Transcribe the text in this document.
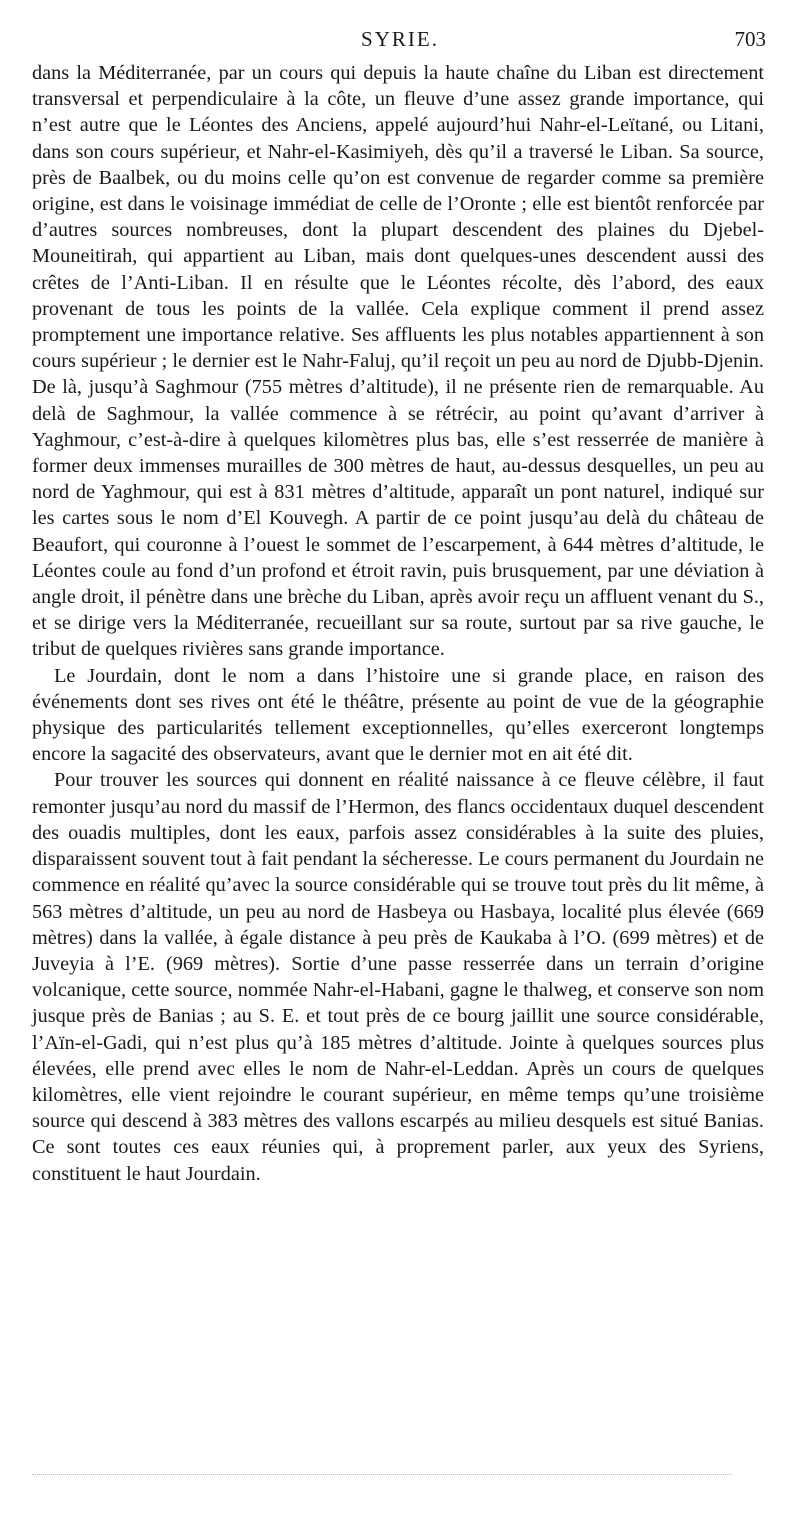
SYRIE.	703

dans la Méditerranée, par un cours qui depuis la haute chaîne du Liban est directement transversal et perpendiculaire à la côte, un fleuve d’une assez grande importance, qui n’est autre que le Léontes des Anciens, appelé aujourd’hui Nahr-el-Leïtané, ou Litani, dans son cours supérieur, et Nahr-el-Kasimiyeh, dès qu’il a traversé le Liban. Sa source, près de Baalbek, ou du moins celle qu’on est convenue de regarder comme sa première origine, est dans le voisinage immédiat de celle de l’Oronte ; elle est bientôt renforcée par d’autres sources nombreuses, dont la plupart descendent des plaines du Djebel-Mouneitirah, qui appartient au Liban, mais dont quelques-unes descendent aussi des crêtes de l’Anti-Liban. Il en résulte que le Léontes récolte, dès l’abord, des eaux provenant de tous les points de la vallée. Cela explique comment il prend assez promptement une importance relative. Ses affluents les plus notables appartiennent à son cours supérieur ; le dernier est le Nahr-Faluj, qu’il reçoit un peu au nord de Djubb-Djenin. De là, jusqu’à Saghmour (755 mètres d’altitude), il ne présente rien de remarquable. Au delà de Saghmour, la vallée commence à se rétrécir, au point qu’avant d’arriver à Yaghmour, c’est-à-dire à quelques kilomètres plus bas, elle s’est resserrée de manière à former deux immenses murailles de 300 mètres de haut, au-dessus desquelles, un peu au nord de Yaghmour, qui est à 831 mètres d’altitude, apparaît un pont naturel, indiqué sur les cartes sous le nom d’El Kouvegh. A partir de ce point jusqu’au delà du château de Beaufort, qui couronne à l’ouest le sommet de l’escarpement, à 644 mètres d’altitude, le Léontes coule au fond d’un profond et étroit ravin, puis brusquement, par une déviation à angle droit, il pénètre dans une brèche du Liban, après avoir reçu un affluent venant du S., et se dirige vers la Méditerranée, recueillant sur sa route, surtout par sa rive gauche, le tribut de quelques rivières sans grande importance.

Le Jourdain, dont le nom a dans l’histoire une si grande place, en raison des événements dont ses rives ont été le théâtre, présente au point de vue de la géographie physique des particularités tellement exceptionnelles, qu’elles exerceront longtemps encore la sagacité des observateurs, avant que le dernier mot en ait été dit.

Pour trouver les sources qui donnent en réalité naissance à ce fleuve célèbre, il faut remonter jusqu’au nord du massif de l’Hermon, des flancs occidentaux duquel descendent des ouadis multiples, dont les eaux, parfois assez considérables à la suite des pluies, disparaissent souvent tout à fait pendant la sécheresse. Le cours permanent du Jourdain ne commence en réalité qu’avec la source considérable qui se trouve tout près du lit même, à 563 mètres d’altitude, un peu au nord de Hasbeya ou Hasbaya, localité plus élevée (669 mètres) dans la vallée, à égale distance à peu près de Kaukaba à l’O. (699 mètres) et de Juveyia à l’E. (969 mètres). Sortie d’une passe resserrée dans un terrain d’origine volcanique, cette source, nommée Nahr-el-Habani, gagne le thalweg, et conserve son nom jusque près de Banias ; au S. E. et tout près de ce bourg jaillit une source considérable, l’Aïn-el-Gadi, qui n’est plus qu’à 185 mètres d’altitude. Jointe à quelques sources plus élevées, elle prend avec elles le nom de Nahr-el-Leddan. Après un cours de quelques kilomètres, elle vient rejoindre le courant supérieur, en même temps qu’une troisième source qui descend à 383 mètres des vallons escarpés au milieu desquels est situé Banias. Ce sont toutes ces eaux réunies qui, à proprement parler, aux yeux des Syriens, constituent le haut Jourdain.
